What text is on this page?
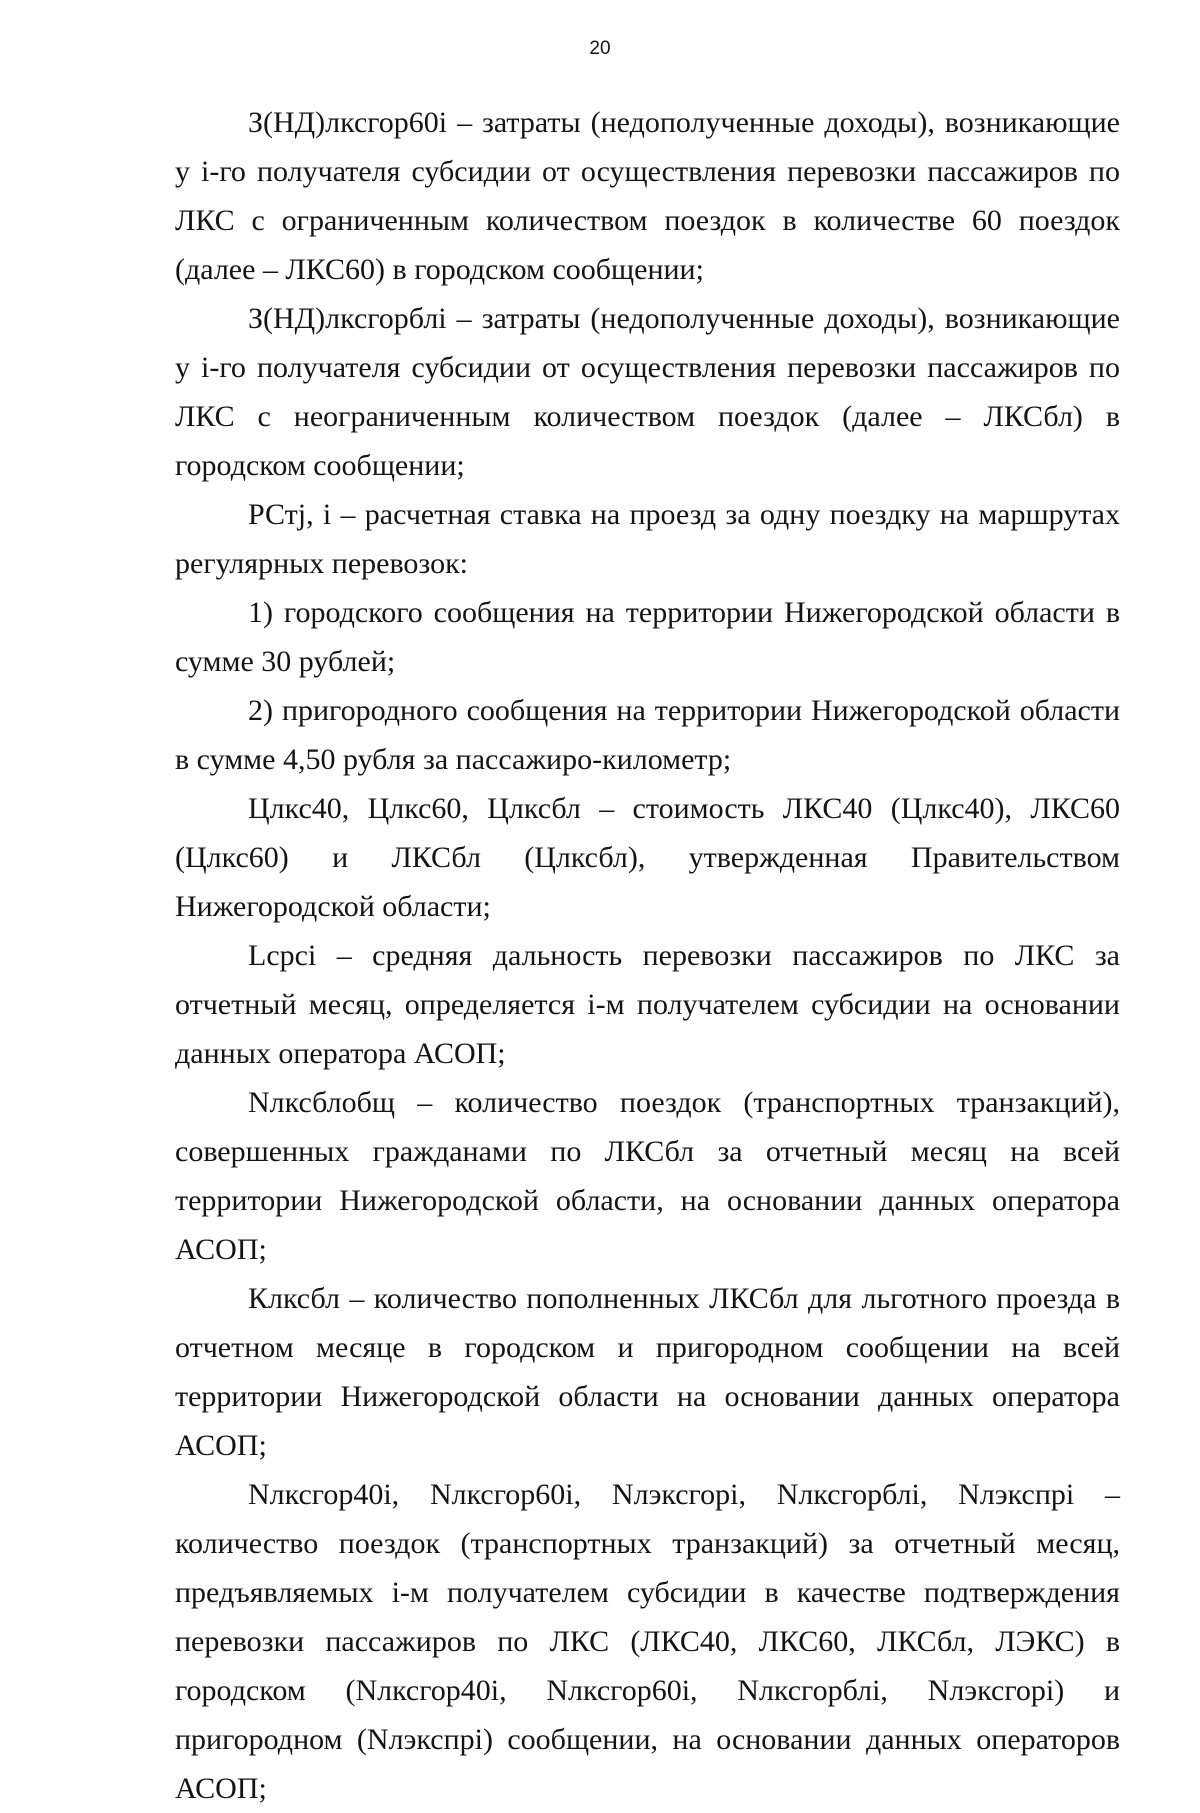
20

З(НД)лксгор60i – затраты (недополученные доходы), возникающие у i-го получателя субсидии от осуществления перевозки пассажиров по ЛКС с ограниченным количеством поездок в количестве 60 поездок (далее – ЛКС60) в городском сообщении;

З(НД)лксгорблi – затраты (недополученные доходы), возникающие у i-го получателя субсидии от осуществления перевозки пассажиров по ЛКС с неограниченным количеством поездок (далее – ЛКСбл) в городском сообщении;

РСтj, i – расчетная ставка на проезд за одну поездку на маршрутах регулярных перевозок:

1) городского сообщения на территории Нижегородской области в сумме 30 рублей;

2) пригородного сообщения на территории Нижегородской области в сумме 4,50 рубля за пассажиро-километр;

Цлкс40, Цлкс60, Цлксбл – стоимость ЛКС40 (Цлкс40), ЛКС60 (Цлкс60) и ЛКСбл (Цлксбл), утвержденная Правительством Нижегородской области;

Lсрсi – средняя дальность перевозки пассажиров по ЛКС за отчетный месяц, определяется i-м получателем субсидии на основании данных оператора АСОП;

Nлксблобщ – количество поездок (транспортных транзакций), совершенных гражданами по ЛКСбл за отчетный месяц на всей территории Нижегородской области, на основании данных оператора АСОП;

Клксбл – количество пополненных ЛКСбл для льготного проезда в отчетном месяце в городском и пригородном сообщении на всей территории Нижегородской области на основании данных оператора АСОП;

Nлксгор40i, Nлксгор60i, Nлэксгорi, Nлксгорблi, Nлэкспрi – количество поездок (транспортных транзакций) за отчетный месяц, предъявляемых i-м получателем субсидии в качестве подтверждения перевозки пассажиров по ЛКС (ЛКС40, ЛКС60, ЛКСбл, ЛЭКС) в городском (Nлксгор40i, Nлксгор60i, Nлксгорблi, Nлэксгорi) и пригородном (Nлэкспрi) сообщении, на основании данных операторов АСОП;
